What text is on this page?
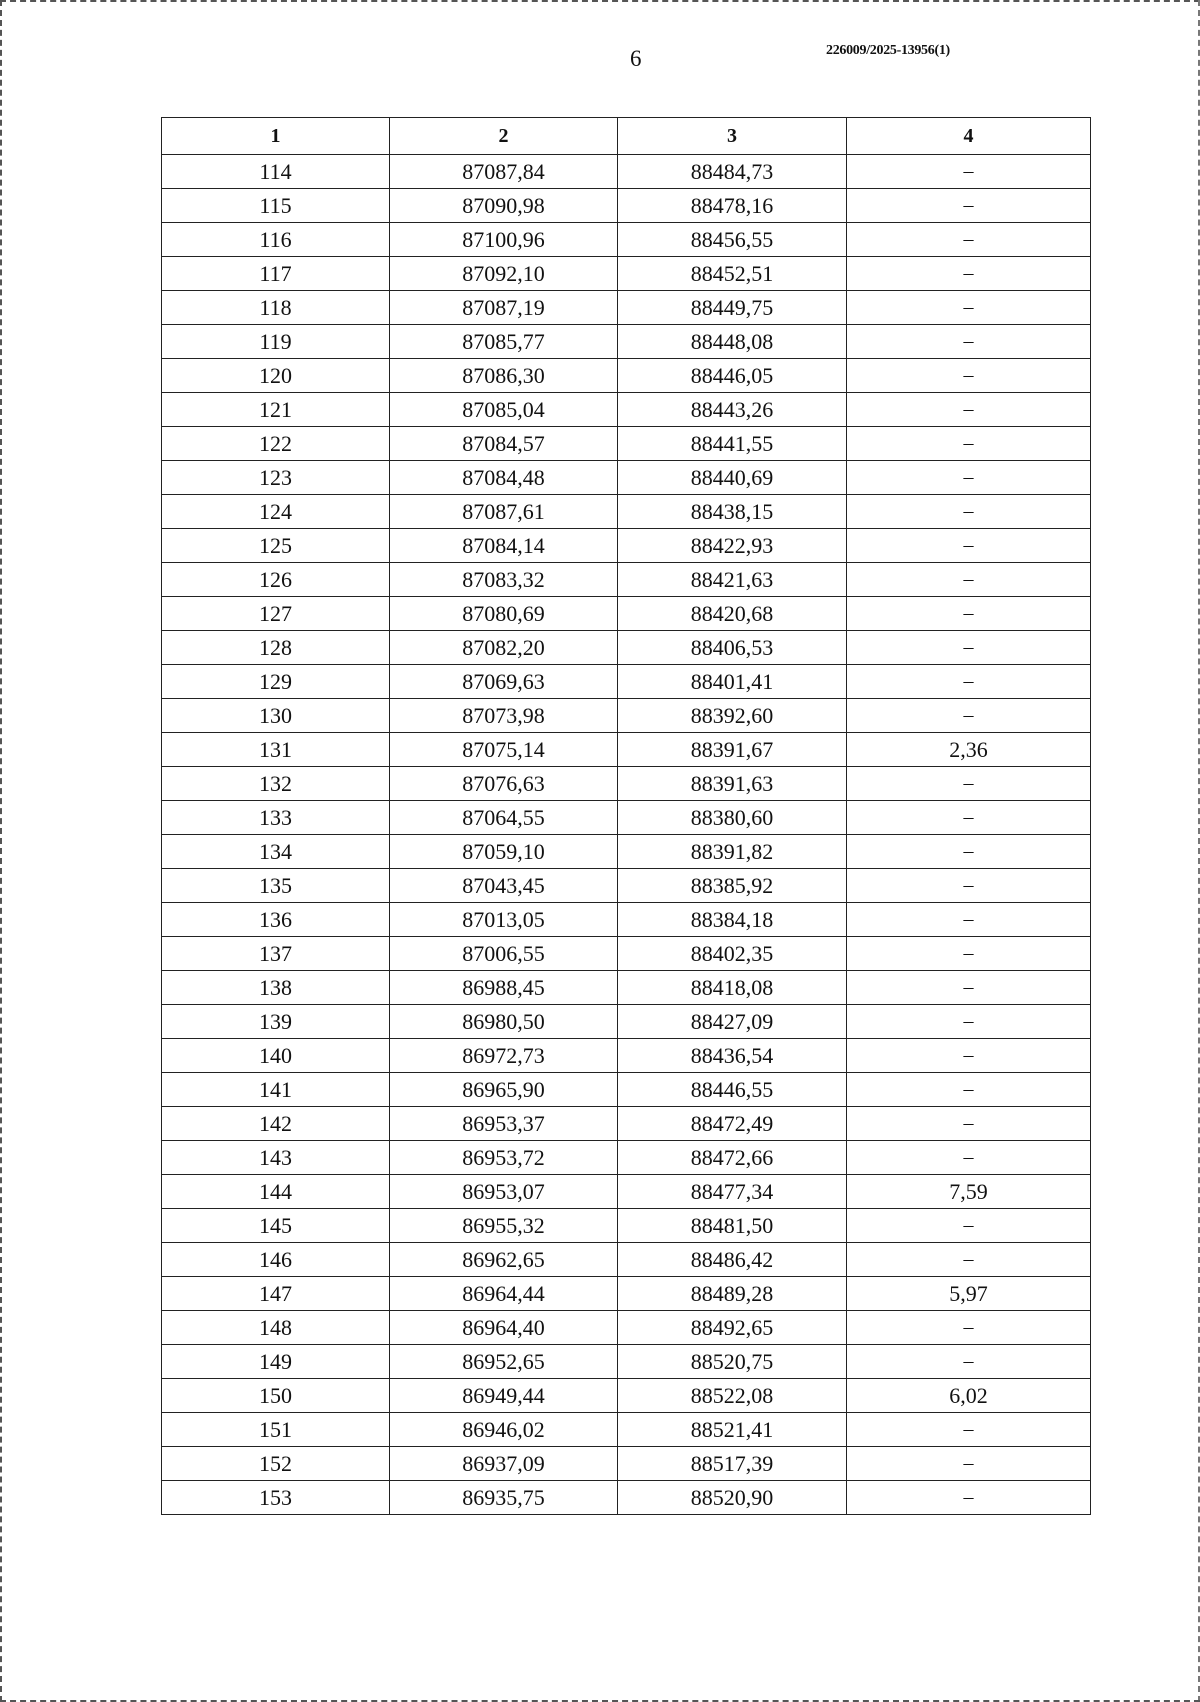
6	226009/2025-13956(1)
1	2	3	4
114	87087,84	88484,73	–
115	87090,98	88478,16	–
116	87100,96	88456,55	–
117	87092,10	88452,51	–
118	87087,19	88449,75	–
119	87085,77	88448,08	–
120	87086,30	88446,05	–
121	87085,04	88443,26	–
122	87084,57	88441,55	–
123	87084,48	88440,69	–
124	87087,61	88438,15	–
125	87084,14	88422,93	–
126	87083,32	88421,63	–
127	87080,69	88420,68	–
128	87082,20	88406,53	–
129	87069,63	88401,41	–
130	87073,98	88392,60	–
131	87075,14	88391,67	2,36
132	87076,63	88391,63	–
133	87064,55	88380,60	–
134	87059,10	88391,82	–
135	87043,45	88385,92	–
136	87013,05	88384,18	–
137	87006,55	88402,35	–
138	86988,45	88418,08	–
139	86980,50	88427,09	–
140	86972,73	88436,54	–
141	86965,90	88446,55	–
142	86953,37	88472,49	–
143	86953,72	88472,66	–
144	86953,07	88477,34	7,59
145	86955,32	88481,50	–
146	86962,65	88486,42	–
147	86964,44	88489,28	5,97
148	86964,40	88492,65	–
149	86952,65	88520,75	–
150	86949,44	88522,08	6,02
151	86946,02	88521,41	–
152	86937,09	88517,39	–
153	86935,75	88520,90	–
